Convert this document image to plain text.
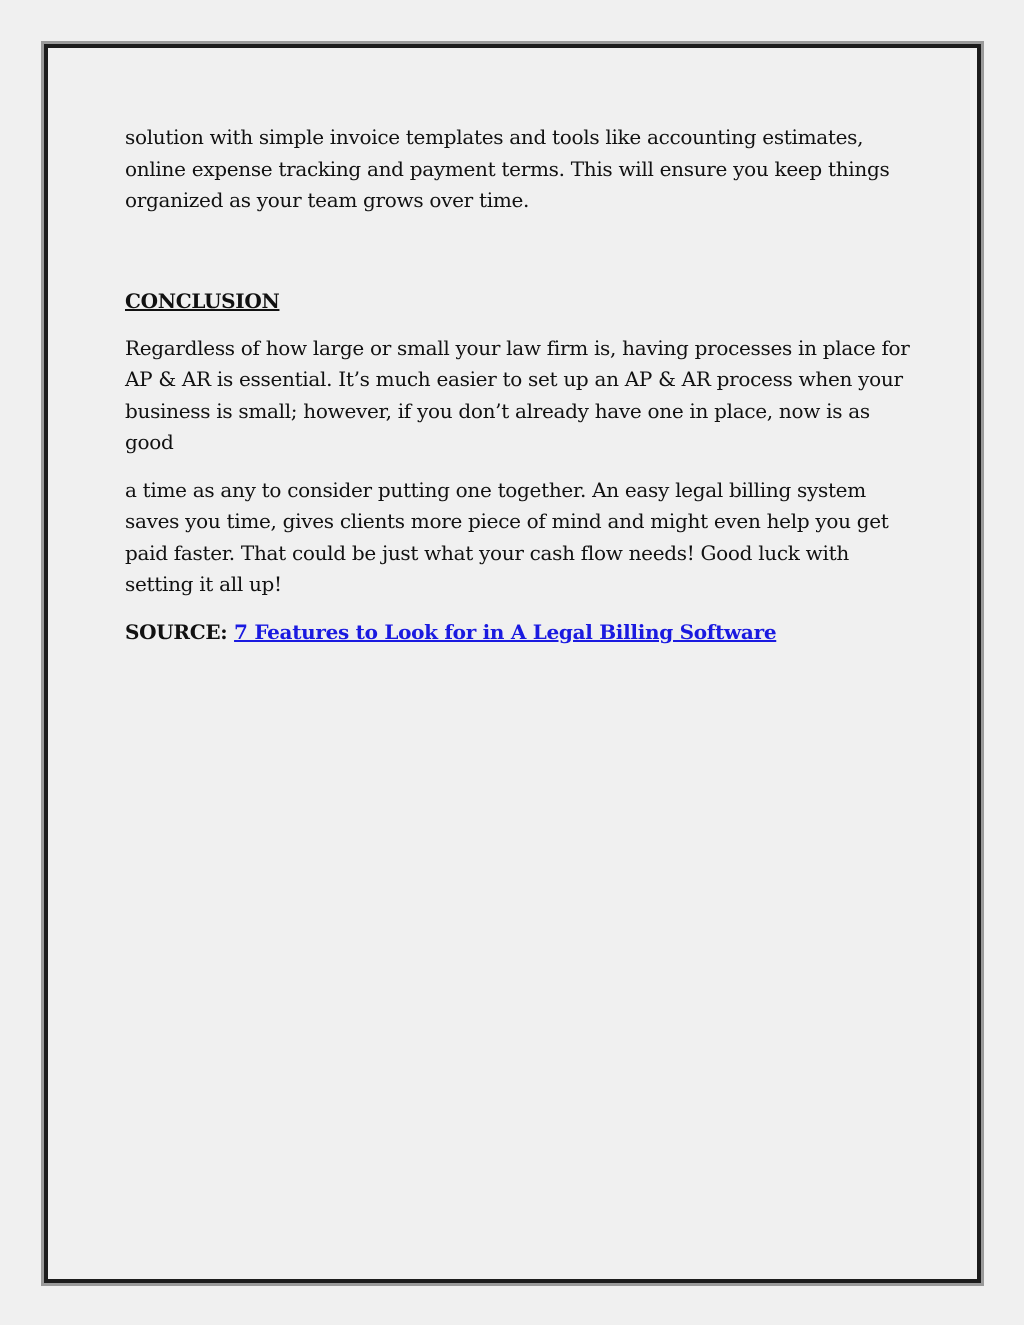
solution with simple invoice templates and tools like accounting estimates, online expense tracking and payment terms. This will ensure you keep things organized as your team grows over time.

CONCLUSION

Regardless of how large or small your law firm is, having processes in place for AP & AR is essential. It’s much easier to set up an AP & AR process when your business is small; however, if you don’t already have one in place, now is as good

a time as any to consider putting one together. An easy legal billing system saves you time, gives clients more piece of mind and might even help you get paid faster. That could be just what your cash flow needs! Good luck with setting it all up!

SOURCE: 7 Features to Look for in A Legal Billing Software
